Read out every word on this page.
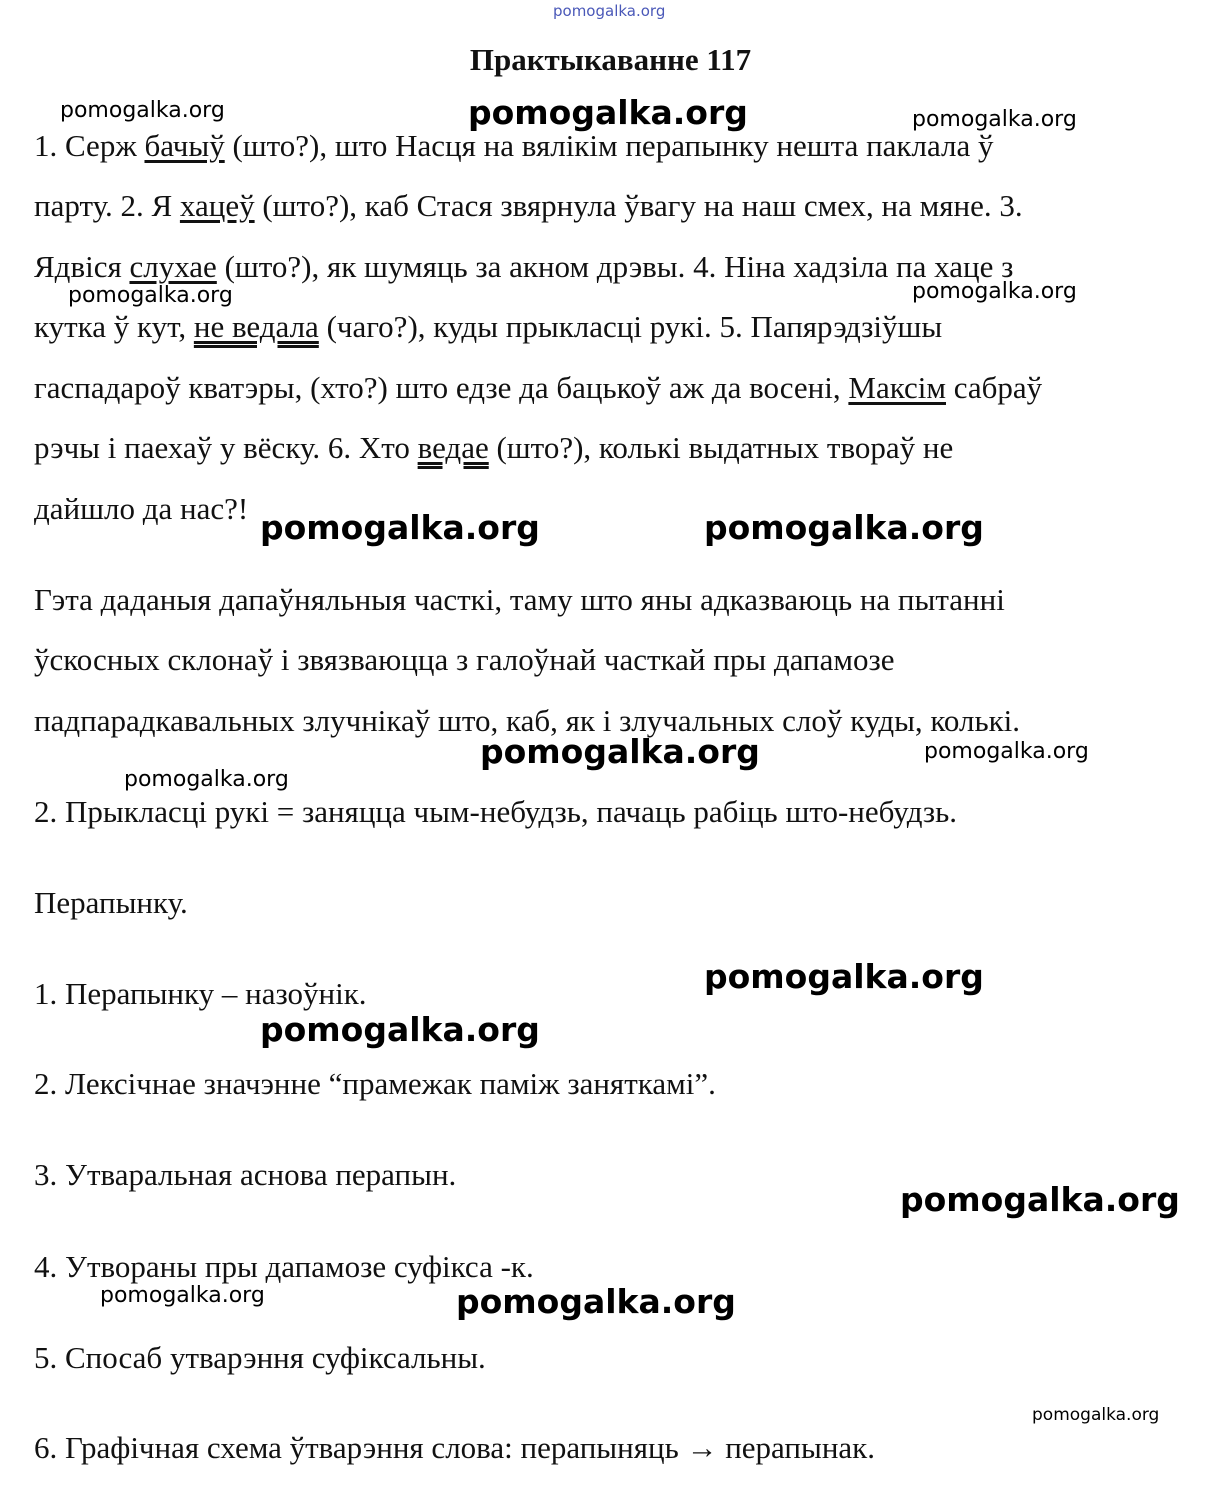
pomogalka.org
pomogalka.org	pomogalka.org	pomogalka.org
pomogalka.org	pomogalka.org
pomogalka.org	pomogalka.org
pomogalka.org	pomogalka.org
pomogalka.org
pomogalka.org
pomogalka.org
pomogalka.org
pomogalka.org	pomogalka.org
pomogalka.org
Практыкаванне 117
1. Серж бачыў (што?), што Насця на вялікім перапынку нешта паклала ў
парту. 2. Я хацеў (што?), каб Стася звярнула ўвагу на наш смех, на мяне. 3.
Ядвіся слухае (што?), як шумяць за акном дрэвы. 4. Ніна хадзіла па хаце з
кутка ў кут, не ведала (чаго?), куды прыкласці рукі. 5. Папярэдзіўшы
гаспадароў кватэры, (хто?) што едзе да бацькоў аж да восені, Максім сабраў
рэчы і паехаў у вёску. 6. Хто ведае (што?), колькі выдатных твораў не
дайшло да нас?!
Гэта даданыя дапаўняльныя часткі, таму што яны адказваюць на пытанні
ўскосных склонаў і звязваюцца з галоўнай часткай пры дапамозе
падпарадкавальных злучнікаў што, каб, як і злучальных слоў куды, колькі.
2. Прыкласці рукі = заняцца чым-небудзь, пачаць рабіць што-небудзь.
Перапынку.
1. Перапынку – назоўнік.
2. Лексічнае значэнне “прамежак паміж заняткамі”.
3. Утваральная аснова перапын.
4. Утвораны пры дапамозе суфікса -к.
5. Спосаб утварэння суфіксальны.
6. Графічная схема ўтварэння слова: перапыняць → перапынак.
